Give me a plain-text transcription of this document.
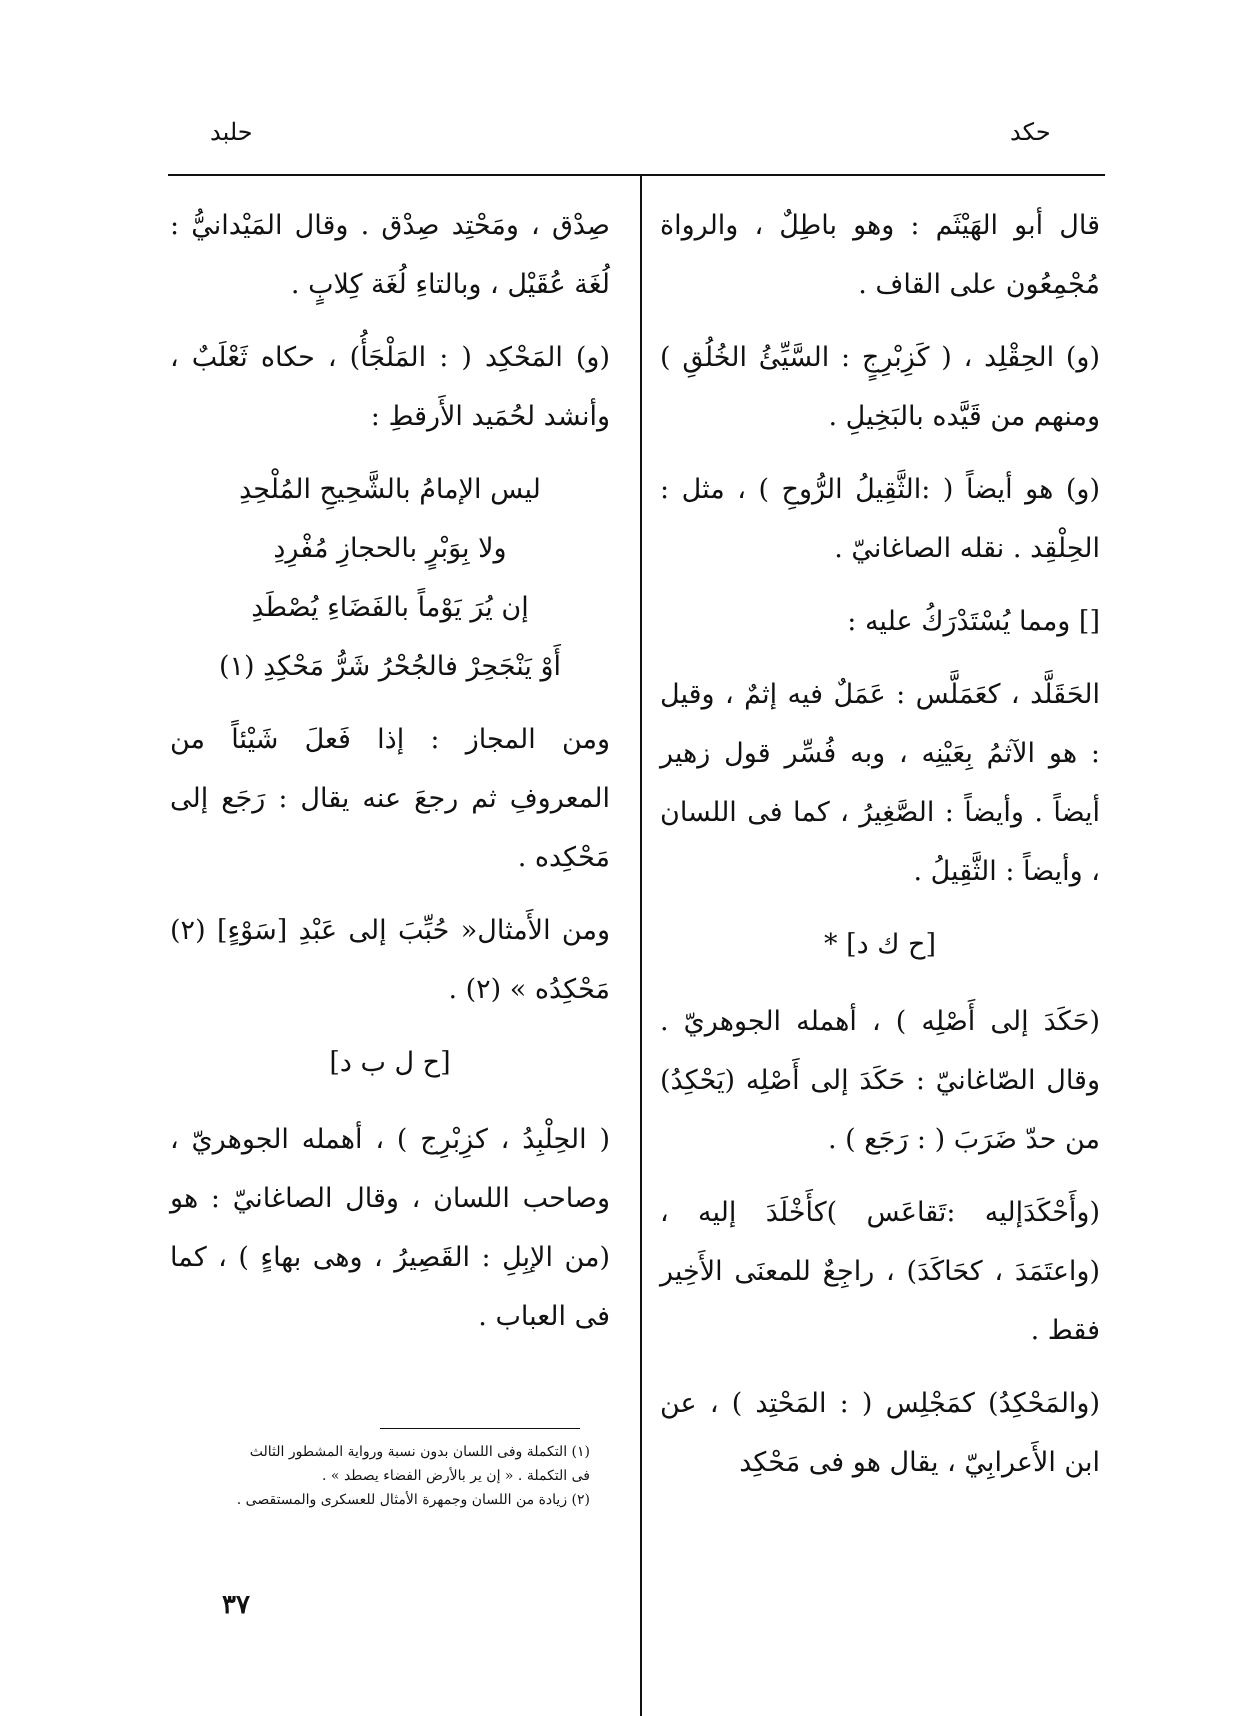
حكد
حلبد

قال أبو الهَيْثَم : وهو باطِلٌ ، والرواة مُجْمِعُون على القاف .

(و) الحِقْلِد ، ( كَزِبْرِجٍ : السَّيِّئُ الخُلُقِ ) ومنهم من قَيَّده بالبَخِيلِ .

(و) هو أيضاً ( :الثَّقِيلُ الرُّوحِ ) ، مثل : الحِلْقِد . نقله الصاغانيّ .

[] ومما يُسْتَدْرَكُ عليه :

الحَقَلَّد ، كعَمَلَّس : عَمَلٌ فيه إثمٌ ، وقيل : هو الآثمُ بِعَيْنِه ، وبه فُسِّر قول زهير أيضاً . وأيضاً : الصَّغِيرُ ، كما فى اللسان ، وأيضاً : الثَّقِيلُ .

[ح ك د] *

(حَكَدَ إلى أَصْلِه ) ، أهمله الجوهريّ . وقال الصّاغانيّ : حَكَدَ إلى أَصْلِه (يَحْكِدُ) من حدّ ضَرَبَ ( : رَجَع ) .

(وأَحْكَدَإليه :تَقاعَس )كأَخْلَدَ إليه ، (واعتَمَدَ ، كحَاكَدَ) ، راجِعٌ للمعنَى الأَخِير فقط .

(والمَحْكِدُ) كمَجْلِس ( : المَحْتِد ) ، عن ابن الأَعرابِيّ ، يقال هو فى مَحْكِد

صِدْق ، ومَحْتِد صِدْق . وقال المَيْدانيُّ : لُغَة عُقَيْل ، وبالتاءِ لُغَة كِلابٍ .

(و) المَحْكِد ( : المَلْجَأُ) ، حكاه ثَعْلَبٌ ، وأنشد لحُمَيد الأَرقطِ :

ليس الإمامُ بالشَّحِيحِ المُلْحِدِ

ولا بِوَبْرٍ بالحجازِ مُفْرِدِ

إن يُرَ يَوْماً بالفَضَاءِ يُصْطَدِ

أَوْ يَنْجَحِرْ فالجُحْرُ شَرُّ مَحْكِدِ (١)

ومن المجاز : إذا فَعلَ شَيْئاً من المعروفِ ثم رجعَ عنه يقال : رَجَع إلى مَحْكِده .

ومن الأَمثال« حُبِّبَ إلى عَبْدِ [سَوْءٍ] (٢) مَحْكِدُه » (٢) .

[ح ل ب د]

( الحِلْبِدُ ، كزِبْرِج ) ، أهمله الجوهريّ ، وصاحب اللسان ، وقال الصاغانيّ : هو (من الإبِلِ : القَصِيرُ ، وهى بهاءٍ ) ، كما فى العباب .

(١) التكملة وفى اللسان بدون نسبة ورواية المشطور الثالث
فى التكملة . « إن ير بالأرض الفضاء يصطد » .
(٢) زيادة من اللسان وجمهرة الأمثال للعسكرى والمستقصى .
٣٧
